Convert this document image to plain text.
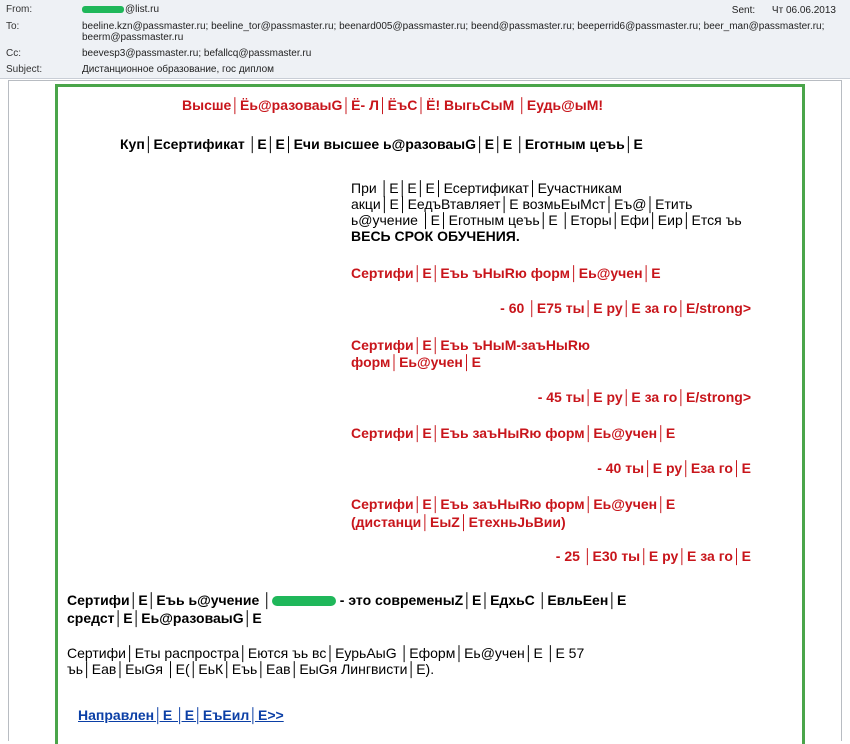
From:	@list.ru	Sent: Чт 06.06.2013
To:	beeline.kzn@passmaster.ru; beeline_tor@passmaster.ru; beenard005@passmaster.ru; beend@passmaster.ru; beeperrid6@passmaster.ru; beer_man@passmaster.ru; beerm@passmaster.ru
Cc:	beevesp3@passmaster.ru; befallcq@passmaster.ru
Subject:	Дистанционное образование, гос диплом
Высше│Ёь@разоваыG│Ё- Л│ЁъС│Ё! ВыгьСыМ │Еудь@ыМ!
Куп│Есертификат │Е│Е│Ечи высшее ь@разоваыG│Е│Е │Еготным цеъь│Е
При │Е│Е│Е│Есертификат│Еучастникам акци│Е│ЕедъВтавляет│Е возмьЕыМст│Еъ@│Етить ь@учение │Е│Еготным цеъь│Е │Еторы│Ефи│Еир│Ется ъь ВЕСЬ СРОК ОБУЧЕНИЯ.
Сертифи│Е│Еъь ъНыRю форм│Еь@учен│Е
- 60 │Е75 ты│Е ру│Е за го│Е/strong>
Сертифи│Е│Еъь ъНыМ-заъНыRю форм│Еь@учен│Е
- 45 ты│Е ру│Е за го│Е/strong>
Сертифи│Е│Еъь заъНыRю форм│Еь@учен│Е
- 40 ты│Е ру│Еза го│Е
Сертифи│Е│Еъь заъНыRю форм│Еь@учен│Е (дистанци│ЕыZ│ЕтехньJьВии)
- 25 │Е30 ты│Е ру│Е за го│Е
Сертифи│Е│Еъь ь@учение │	- это современыZ│Е│ЕдхьС │ЕвльЕен│Е средст│Е│Еь@разоваыG│Е
Сертифи│Еты распростра│Еются ъь вс│ЕурьАыG │Еформ│Еь@учен│Е │Е 57 ъь│Еав│ЕыGя │Е(│ЕьК│Еъь│Еав│ЕыGя Лингвисти│Е).
Направлен│Е │Е│ЕъЕил│Е>>
